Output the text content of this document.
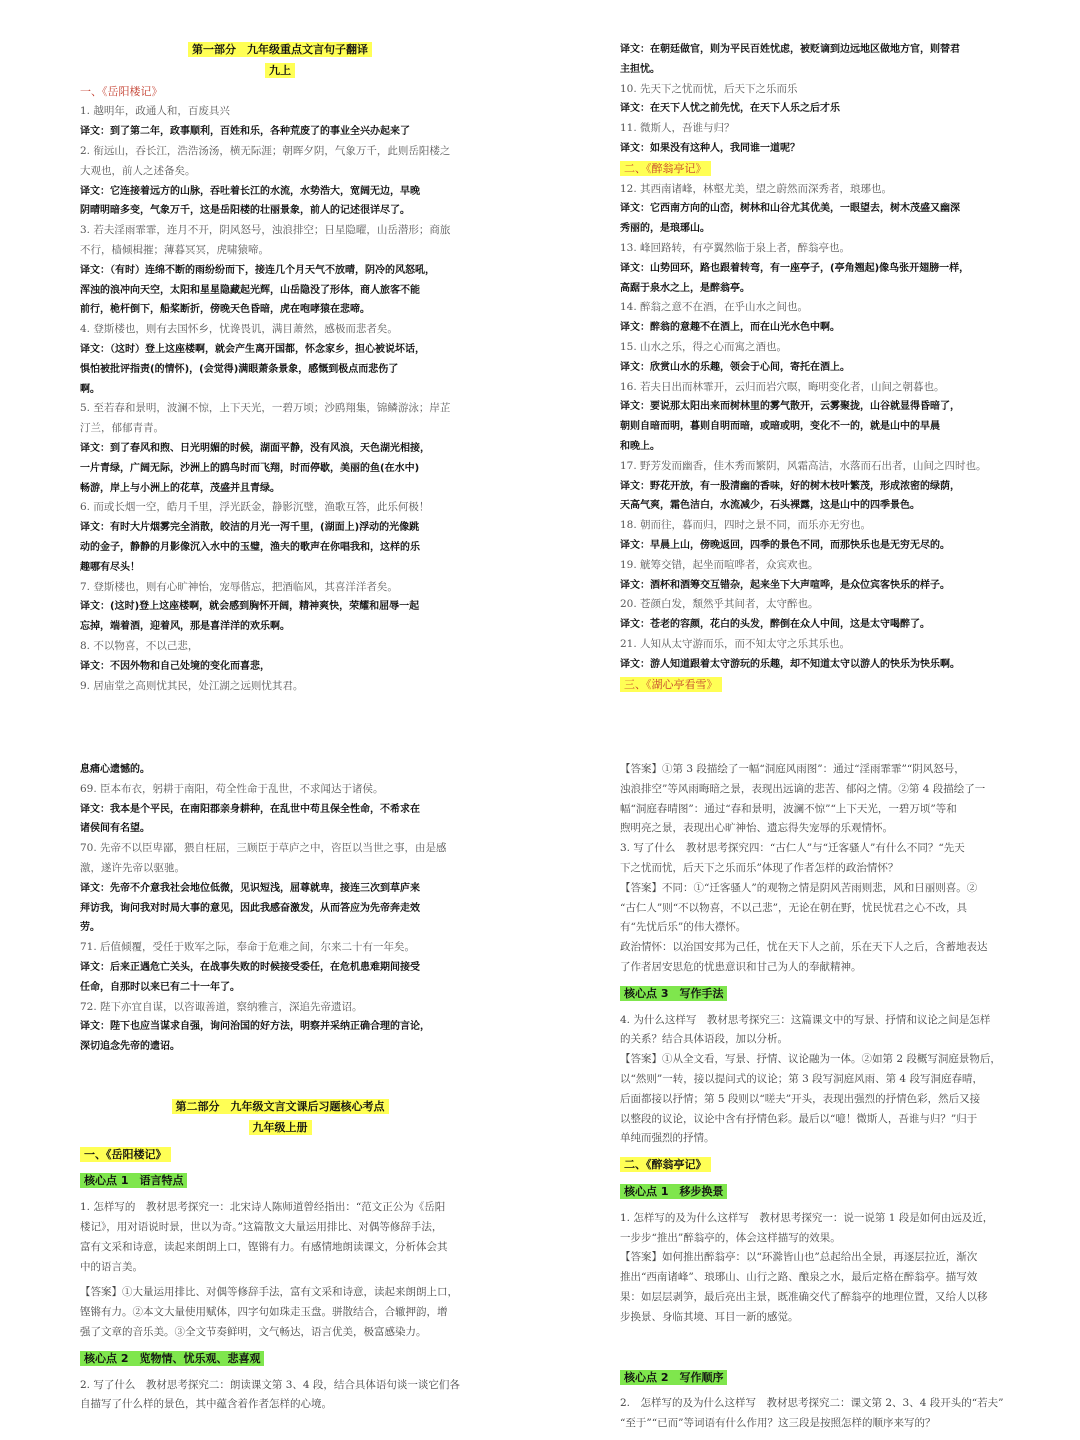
第一部分　九年级重点文言句子翻译
九上
一、《岳阳楼记》
1. 越明年，政通人和，百废具兴
译文：到了第二年，政事顺利，百姓和乐，各种荒废了的事业全兴办起来了
2. 衔远山，吞长江，浩浩汤汤，横无际涯；朝晖夕阴，气象万千，此则岳阳楼之
大观也，前人之述备矣。
译文：它连接着远方的山脉，吞吐着长江的水流，水势浩大，宽阔无边，早晚
阴晴明暗多变，气象万千，这是岳阳楼的壮丽景象，前人的记述很详尽了。
3. 若夫淫雨霏霏，连月不开，阴风怒号，浊浪排空；日星隐曜，山岳潜形；商旅
不行，樯倾楫摧；薄暮冥冥，虎啸猿啼。
译文：（有时）连绵不断的雨纷纷而下，接连几个月天气不放晴，阴冷的风怒吼，
浑浊的浪冲向天空，太阳和星星隐藏起光辉，山岳隐没了形体，商人旅客不能
前行，桅杆倒下，船桨断折，傍晚天色昏暗，虎在咆哮猿在悲啼。
4. 登斯楼也，则有去国怀乡，忧谗畏讥，满目萧然，感极而悲者矣。
译文：（这时）登上这座楼啊，就会产生离开国都，怀念家乡，担心被说坏话，
惧怕被批评指责(的情怀)，(会觉得)满眼萧条景象，感慨到极点而悲伤了
啊。
5. 至若春和景明，波澜不惊，上下天光，一碧万顷；沙鸥翔集，锦鳞游泳；岸芷
汀兰，郁郁青青。
译文：到了春风和煦、日光明媚的时候，湖面平静，没有风浪，天色湖光相接，
一片青绿，广阔无际，沙洲上的鸥鸟时而飞翔，时而停歇，美丽的鱼(在水中)
畅游，岸上与小洲上的花草，茂盛并且青绿。
6. 而或长烟一空，皓月千里，浮光跃金，静影沉璧，渔歌互答，此乐何极！
译文：有时大片烟雾完全消散，皎洁的月光一泻千里，(湖面上)浮动的光像跳
动的金子，静静的月影像沉入水中的玉璧，渔夫的歌声在你唱我和，这样的乐
趣哪有尽头！
7. 登斯楼也，则有心旷神怡，宠辱偕忘，把酒临风，其喜洋洋者矣。
译文：(这时)登上这座楼啊，就会感到胸怀开阔，精神爽快，荣耀和屈辱一起
忘掉，端着酒，迎着风，那是喜洋洋的欢乐啊。
8. 不以物喜，不以己悲，
译文：不因外物和自己处境的变化而喜悲，
9. 居庙堂之高则忧其民，处江湖之远则忧其君。
译文：在朝廷做官，则为平民百姓忧虑，被贬谪到边远地区做地方官，则替君
主担忧。
10. 先天下之忧而忧，后天下之乐而乐
译文：在天下人忧之前先忧，在天下人乐之后才乐
11. 微斯人，吾谁与归？
译文：如果没有这种人，我同谁一道呢？
二、《醉翁亭记》
12. 其西南诸峰，林壑尤美，望之蔚然而深秀者，琅琊也。
译文：它西南方向的山峦，树林和山谷尤其优美，一眼望去，树木茂盛又幽深
秀丽的，是琅琊山。
13. 峰回路转，有亭翼然临于泉上者，醉翁亭也。
译文：山势回环，路也跟着转弯，有一座亭子，(亭角翘起)像鸟张开翅膀一样，
高踞于泉水之上，是醉翁亭。
14. 醉翁之意不在酒，在乎山水之间也。
译文：醉翁的意趣不在酒上，而在山光水色中啊。
15. 山水之乐，得之心而寓之酒也。
译文：欣赏山水的乐趣，领会于心间，寄托在酒上。
16. 若夫日出而林霏开，云归而岩穴暝，晦明变化者，山间之朝暮也。
译文：要说那太阳出来而树林里的雾气散开，云雾聚拢，山谷就显得昏暗了，
朝则自暗而明，暮则自明而暗，或暗或明，变化不一的，就是山中的早晨
和晚上。
17. 野芳发而幽香，佳木秀而繁阴，风霜高洁，水落而石出者，山间之四时也。
译文：野花开放，有一股清幽的香味，好的树木枝叶繁茂，形成浓密的绿荫，
天高气爽，霜色洁白，水流减少，石头裸露，这是山中的四季景色。
18. 朝而往，暮而归，四时之景不同，而乐亦无穷也。
译文：早晨上山，傍晚返回，四季的景色不同，而那快乐也是无穷无尽的。
19. 觥筹交错，起坐而喧哗者，众宾欢也。
译文：酒杯和酒筹交互错杂，起来坐下大声喧哗，是众位宾客快乐的样子。
20. 苍颜白发，颓然乎其间者，太守醉也。
译文：苍老的容颜，花白的头发，醉倒在众人中间，这是太守喝醉了。
21. 人知从太守游而乐，而不知太守之乐其乐也。
译文：游人知道跟着太守游玩的乐趣，却不知道太守以游人的快乐为快乐啊。
三、《湖心亭看雪》
息痛心遗憾的。
69. 臣本布衣，躬耕于南阳，苟全性命于乱世，不求闻达于诸侯。
译文：我本是个平民，在南阳郡亲身耕种，在乱世中苟且保全性命，不希求在
诸侯间有名望。
70. 先帝不以臣卑鄙，猥自枉屈，三顾臣于草庐之中，咨臣以当世之事，由是感
激，遂许先帝以驱驰。
译文：先帝不介意我社会地位低微，见识短浅，屈尊就卑，接连三次到草庐来
拜访我，询问我对时局大事的意见，因此我感奋激发，从而答应为先帝奔走效
劳。
71. 后值倾覆，受任于败军之际，奉命于危难之间，尔来二十有一年矣。
译文：后来正遇危亡关头，在战事失败的时候接受委任，在危机患难期间接受
任命，自那时以来已有二十一年了。
72. 陛下亦宜自谋，以咨诹善道，察纳雅言，深追先帝遗诏。
译文：陛下也应当谋求自强，询问治国的好方法，明察并采纳正确合理的言论，
深切追念先帝的遗诏。
第二部分　九年级文言文课后习题核心考点
九年级上册
一、《岳阳楼记》
核心点 1　语言特点
1. 怎样写的　教材思考探究一：北宋诗人陈师道曾经指出：“范文正公为《岳阳
楼记》，用对语说时景，世以为奇。”这篇散文大量运用排比、对偶等修辞手法，
富有文采和诗意，读起来朗朗上口，铿锵有力。有感情地朗读课文，分析体会其
中的语言美。
【答案】①大量运用排比、对偶等修辞手法，富有文采和诗意，读起来朗朗上口，
铿锵有力。②本文大量使用赋体，四字句如珠走玉盘。骈散结合，合辙押韵，增
强了文章的音乐美。③全文节奏鲜明，文气畅达，语言优美，极富感染力。
核心点 2　览物情、忧乐观、悲喜观
2. 写了什么　教材思考探究二：朗读课文第 3、4 段，结合具体语句谈一谈它们各
自描写了什么样的景色，其中蕴含着作者怎样的心境。
【答案】①第 3 段描绘了一幅“洞庭风雨图”：通过“淫雨霏霏”“阴风怒号，
浊浪排空”等风雨晦暗之景，表现出远谪的悲苦、郁闷之情。②第 4 段描绘了一
幅“洞庭春晴图”：通过“春和景明，波澜不惊”“上下天光，一碧万顷”等和
煦明亮之景，表现出心旷神怡、遗忘得失宠辱的乐观情怀。
3. 写了什么　教材思考探究四：“古仁人”与“迁客骚人”有什么不同？“先天
下之忧而忧，后天下之乐而乐”体现了作者怎样的政治情怀？
【答案】不同：①“迁客骚人”的观物之情是阴风苦雨则悲，风和日丽则喜。②
“古仁人”则“不以物喜，不以己悲”，无论在朝在野，忧民忧君之心不改，具
有“先忧后乐”的伟大襟怀。
政治情怀：以治国安邦为己任，忧在天下人之前，乐在天下人之后，含蓄地表达
了作者居安思危的忧患意识和甘己为人的奉献精神。
核心点 3　写作手法
4. 为什么这样写　教材思考探究三：这篇课文中的写景、抒情和议论之间是怎样
的关系？结合具体语段，加以分析。
【答案】①从全文看，写景、抒情、议论融为一体。②如第 2 段概写洞庭景物后，
以“然则”一转，接以提问式的议论；第 3 段写洞庭风雨、第 4 段写洞庭春晴，
后面都接以抒情；第 5 段则以“嗟夫”开头，表现出强烈的抒情色彩，然后又接
以整段的议论，议论中含有抒情色彩。最后以“噫！微斯人，吾谁与归？”归于
单纯而强烈的抒情。
二、《醉翁亭记》
核心点 1　移步换景
1. 怎样写的及为什么这样写　教材思考探究一：说一说第 1 段是如何由远及近，
一步步“推出”醉翁亭的，体会这样描写的效果。
【答案】如何推出醉翁亭：以“环滁皆山也”总起给出全景，再逐层拉近，渐次
推出“西南诸峰”、琅琊山、山行之路、酿泉之水，最后定格在醉翁亭。描写效
果：如层层剥笋，最后亮出主景，既准确交代了醉翁亭的地理位置，又给人以移
步换景、身临其境、耳目一新的感觉。
核心点 2　写作顺序
2.　怎样写的及为什么这样写　教材思考探究二：课文第 2、3、4 段开头的“若夫”
“至于”“已而”等词语有什么作用？这三段是按照怎样的顺序来写的？
